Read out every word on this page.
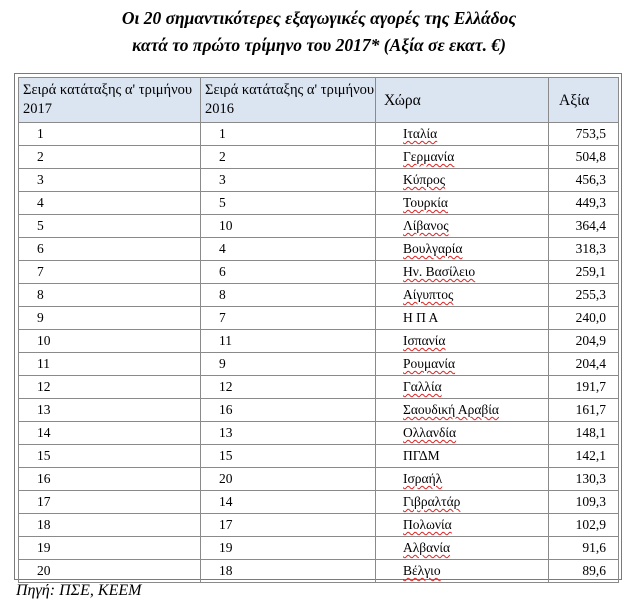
Οι 20 σημαντικότερες εξαγωγικές αγορές της Ελλάδος
κατά το πρώτο τρίμηνο του 2017* (Αξία σε εκατ. €)
Σειρά κατάταξης α' τριμήνου 2017	Σειρά κατάταξης α' τριμήνου 2016	Χώρα	Αξία
1	1	Ιταλία	753,5
2	2	Γερμανία	504,8
3	3	Κύπρος	456,3
4	5	Τουρκία	449,3
5	10	Λίβανος	364,4
6	4	Βουλγαρία	318,3
7	6	Ην. Βασίλειο	259,1
8	8	Αίγυπτος	255,3
9	7	Η Π Α	240,0
10	11	Ισπανία	204,9
11	9	Ρουμανία	204,4
12	12	Γαλλία	191,7
13	16	Σαουδική Αραβία	161,7
14	13	Ολλανδία	148,1
15	15	ΠΓΔΜ	142,1
16	20	Ισραήλ	130,3
17	14	Γιβραλτάρ	109,3
18	17	Πολωνία	102,9
19	19	Αλβανία	91,6
20	18	Βέλγιο	89,6
Πηγή: ΠΣΕ, ΚΕΕΜ
